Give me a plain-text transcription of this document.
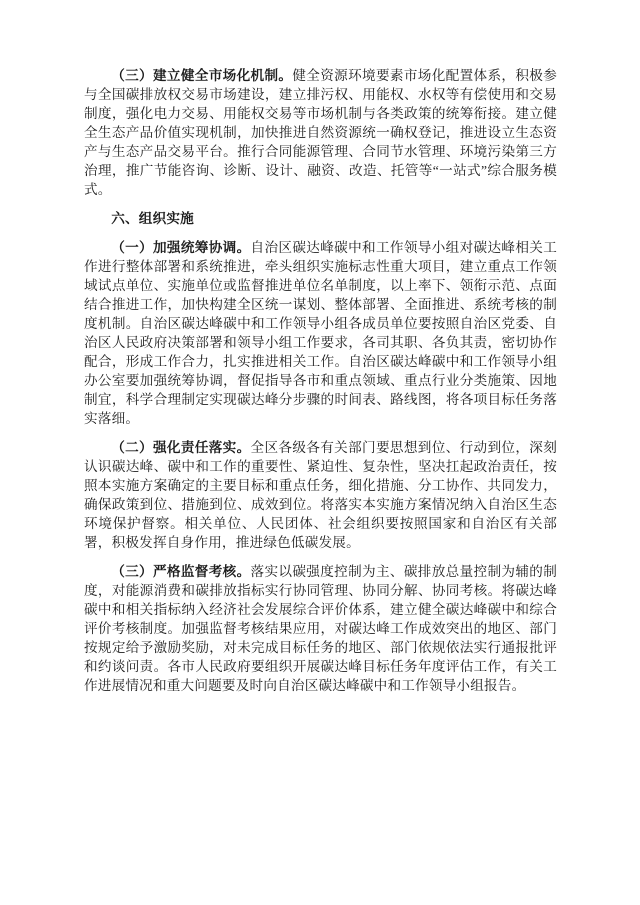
（三）建立健全市场化机制。健全资源环境要素市场化配置体系，积极参与全国碳排放权交易市场建设，建立排污权、用能权、水权等有偿使用和交易制度，强化电力交易、用能权交易等市场机制与各类政策的统筹衔接。建立健全生态产品价值实现机制，加快推进自然资源统一确权登记，推进设立生态资产与生态产品交易平台。推行合同能源管理、合同节水管理、环境污染第三方治理，推广节能咨询、诊断、设计、融资、改造、托管等“一站式”综合服务模式。

六、组织实施

（一）加强统筹协调。自治区碳达峰碳中和工作领导小组对碳达峰相关工作进行整体部署和系统推进，牵头组织实施标志性重大项目，建立重点工作领域试点单位、实施单位或监督推进单位名单制度，以上率下、领衔示范、点面结合推进工作，加快构建全区统一谋划、整体部署、全面推进、系统考核的制度机制。自治区碳达峰碳中和工作领导小组各成员单位要按照自治区党委、自治区人民政府决策部署和领导小组工作要求，各司其职、各负其责，密切协作配合，形成工作合力，扎实推进相关工作。自治区碳达峰碳中和工作领导小组办公室要加强统筹协调，督促指导各市和重点领域、重点行业分类施策、因地制宜，科学合理制定实现碳达峰分步骤的时间表、路线图，将各项目标任务落实落细。

（二）强化责任落实。全区各级各有关部门要思想到位、行动到位，深刻认识碳达峰、碳中和工作的重要性、紧迫性、复杂性，坚决扛起政治责任，按照本实施方案确定的主要目标和重点任务，细化措施、分工协作、共同发力，确保政策到位、措施到位、成效到位。将落实本实施方案情况纳入自治区生态环境保护督察。相关单位、人民团体、社会组织要按照国家和自治区有关部署，积极发挥自身作用，推进绿色低碳发展。

（三）严格监督考核。落实以碳强度控制为主、碳排放总量控制为辅的制度，对能源消费和碳排放指标实行协同管理、协同分解、协同考核。将碳达峰碳中和相关指标纳入经济社会发展综合评价体系，建立健全碳达峰碳中和综合评价考核制度。加强监督考核结果应用，对碳达峰工作成效突出的地区、部门按规定给予激励奖励，对未完成目标任务的地区、部门依规依法实行通报批评和约谈问责。各市人民政府要组织开展碳达峰目标任务年度评估工作，有关工作进展情况和重大问题要及时向自治区碳达峰碳中和工作领导小组报告。
